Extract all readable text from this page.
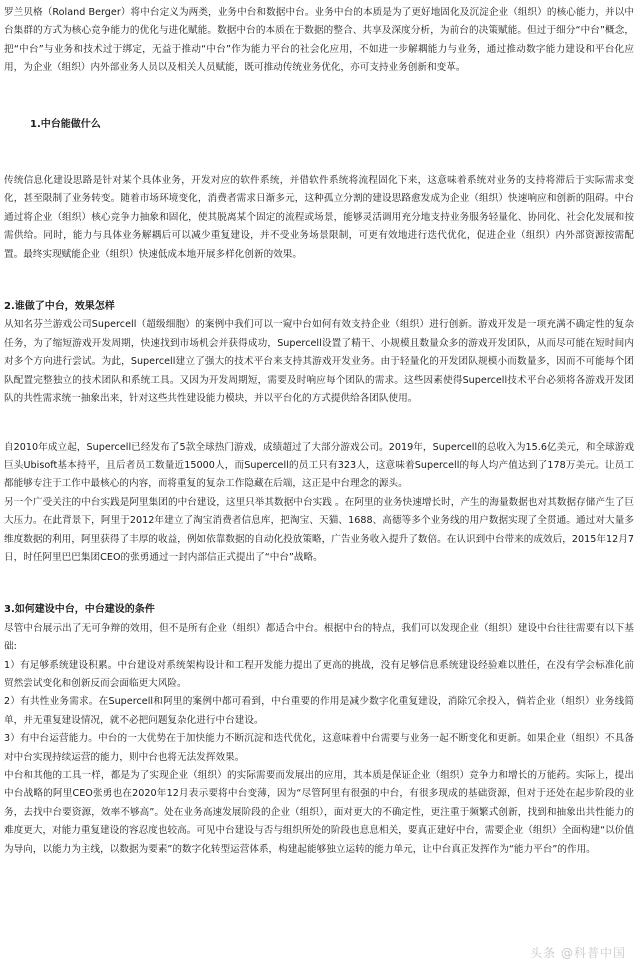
罗兰贝格（Roland Berger）将中台定义为两类，业务中台和数据中台。业务中台的本质是为了更好地固化及沉淀企业（组织）的核心能力，并以中台集群的方式为核心竞争能力的优化与进化赋能。数据中台的本质在于数据的整合、共享及深度分析，为前台的决策赋能。但过于细分“中台”概念，把“中台”与业务和技术过于绑定，无益于推动“中台”作为能力平台的社会化应用，不如进一步解耦能力与业务，通过推动数字能力建设和平台化应用，为企业（组织）内外部业务人员以及相关人员赋能，既可推动传统业务优化，亦可支持业务创新和变革。

1.中台能做什么

传统信息化建设思路是针对某个具体业务，开发对应的软件系统，并借软件系统将流程固化下来，这意味着系统对业务的支持将滞后于实际需求变化，甚至限制了业务转变。随着市场环境变化，消费者需求日渐多元，这种孤立分割的建设思路愈发成为企业（组织）快速响应和创新的阻碍。中台通过将企业（组织）核心竞争力抽象和固化，使其脱离某个固定的流程或场景，能够灵活调用充分地支持业务服务轻量化、协同化、社会化发展和按需供给。同时，能力与具体业务解耦后可以减少重复建设，并不受业务场景限制，可更有效地进行迭代优化，促进企业（组织）内外部资源按需配置。最终实现赋能企业（组织）快速低成本地开展多样化创新的效果。

2.谁做了中台，效果怎样

从知名芬兰游戏公司Supercell（超级细胞）的案例中我们可以一窥中台如何有效支持企业（组织）进行创新。游戏开发是一项充满不确定性的复杂任务，为了缩短游戏开发周期，快速找到市场机会并获得成功，Supercell设置了精干、小规模且数量众多的游戏开发团队，从而尽可能在短时间内对多个方向进行尝试。为此，Supercell建立了强大的技术平台来支持其游戏开发业务。由于轻量化的开发团队规模小而数量多，因而不可能每个团队配置完整独立的技术团队和系统工具。又因为开发周期短，需要及时响应每个团队的需求。这些因素使得Supercell技术平台必须将各游戏开发团队的共性需求统一抽象出来，针对这些共性建设能力模块，并以平台化的方式提供给各团队使用。

自2010年成立起，Supercell已经发布了5款全球热门游戏，成绩超过了大部分游戏公司。2019年，Supercell的总收入为15.6亿美元，和全球游戏巨头Ubisoft基本持平，且后者员工数量近15000人，而Supercell的员工只有323人，这意味着Supercell的每人均产值达到了178万美元。让员工都能够专注于工作中最核心的内容，而将重复的复杂工作隐藏在后端，这正是中台理念的源头。

另一个广受关注的中台实践是阿里集团的中台建设，这里只举其数据中台实践 。在阿里的业务快速增长时，产生的海量数据也对其数据存储产生了巨大压力。在此背景下，阿里于2012年建立了淘宝消费者信息库，把淘宝、天猫、1688、高德等多个业务线的用户数据实现了全贯通。通过对大量多维度数据的利用，阿里获得了丰厚的收益，例如依靠数据的自动化投放策略，广告业务收入提升了数倍。在认识到中台带来的成效后，2015年12月7日，时任阿里巴巴集团CEO的张勇通过一封内部信正式提出了“中台”战略。

3.如何建设中台，中台建设的条件

尽管中台展示出了无可争辩的效用，但不是所有企业（组织）都适合中台。根据中台的特点，我们可以发现企业（组织）建设中台往往需要有以下基础:

1）有足够系统建设积累。中台建设对系统架构设计和工程开发能力提出了更高的挑战，没有足够信息系统建设经验难以胜任，在没有学会标准化前贸然尝试变化和创新反而会面临更大风险。

2）有共性业务需求。在Supercell和阿里的案例中都可看到，中台重要的作用是减少数字化重复建设，消除冗余投入，倘若企业（组织）业务线简单，并无重复建设情况，就不必把问题复杂化进行中台建设。

3）有中台运营能力。中台的一大优势在于加快能力不断沉淀和迭代优化，这意味着中台需要与业务一起不断变化和更新。如果企业（组织）不具备对中台实现持续运营的能力，则中台也将无法发挥效果。

中台和其他的工具一样，都是为了实现企业（组织）的实际需要而发展出的应用，其本质是保证企业（组织）竞争力和增长的万能药。实际上，提出中台战略的阿里CEO张勇也在2020年12月表示要将中台变薄，因为“尽管阿里有很强的中台，有很多现成的基础资源，但对于还处在起步阶段的业务，去找中台要资源，效率不够高”。处在业务高速发展阶段的企业（组织），面对更大的不确定性，更注重于频繁式创新，找到和抽象出共性能力的难度更大，对能力重复建设的容忍度也较高。可见中台建设与否与组织所处的阶段也息息相关，要真正建好中台，需要企业（组织）全面构建“以价值为导向，以能力为主线，以数据为要素”的数字化转型运营体系，构建起能够独立运转的能力单元，让中台真正发挥作为“能力平台”的作用。

头条 @科普中国
